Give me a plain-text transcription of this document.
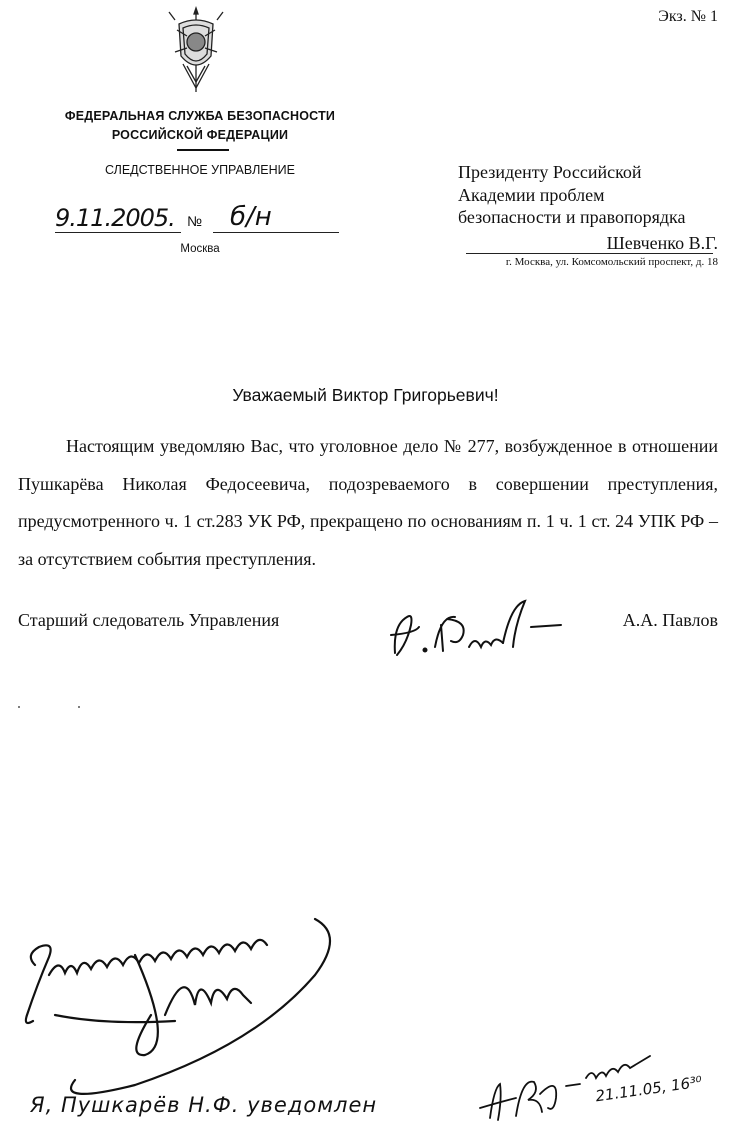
Экз. № 1
ФЕДЕРАЛЬНАЯ СЛУЖБА БЕЗОПАСНОСТИ
РОССИЙСКОЙ ФЕДЕРАЦИИ
СЛЕДСТВЕННОЕ УПРАВЛЕНИЕ
9.11.2005. № б/н
Москва
Президенту Российской
Академии проблем
безопасности и правопорядка
Шевченко В.Г.
г. Москва, ул. Комсомольский проспект, д. 18
Уважаемый Виктор Григорьевич!
Настоящим уведомляю Вас, что уголовное дело № 277, возбужденное в отношении Пушкарёва Николая Федосеевича, подозреваемого в совершении преступления, предусмотренного ч. 1 ст.283 УК РФ, прекращено по основаниям п. 1 ч. 1 ст. 24 УПК РФ – за отсутствием события преступления.
Старший следователь Управления	А.А. Павлов
Я, Пушкарёв Н.Ф. уведомлен	21.11.05, 16³⁰
